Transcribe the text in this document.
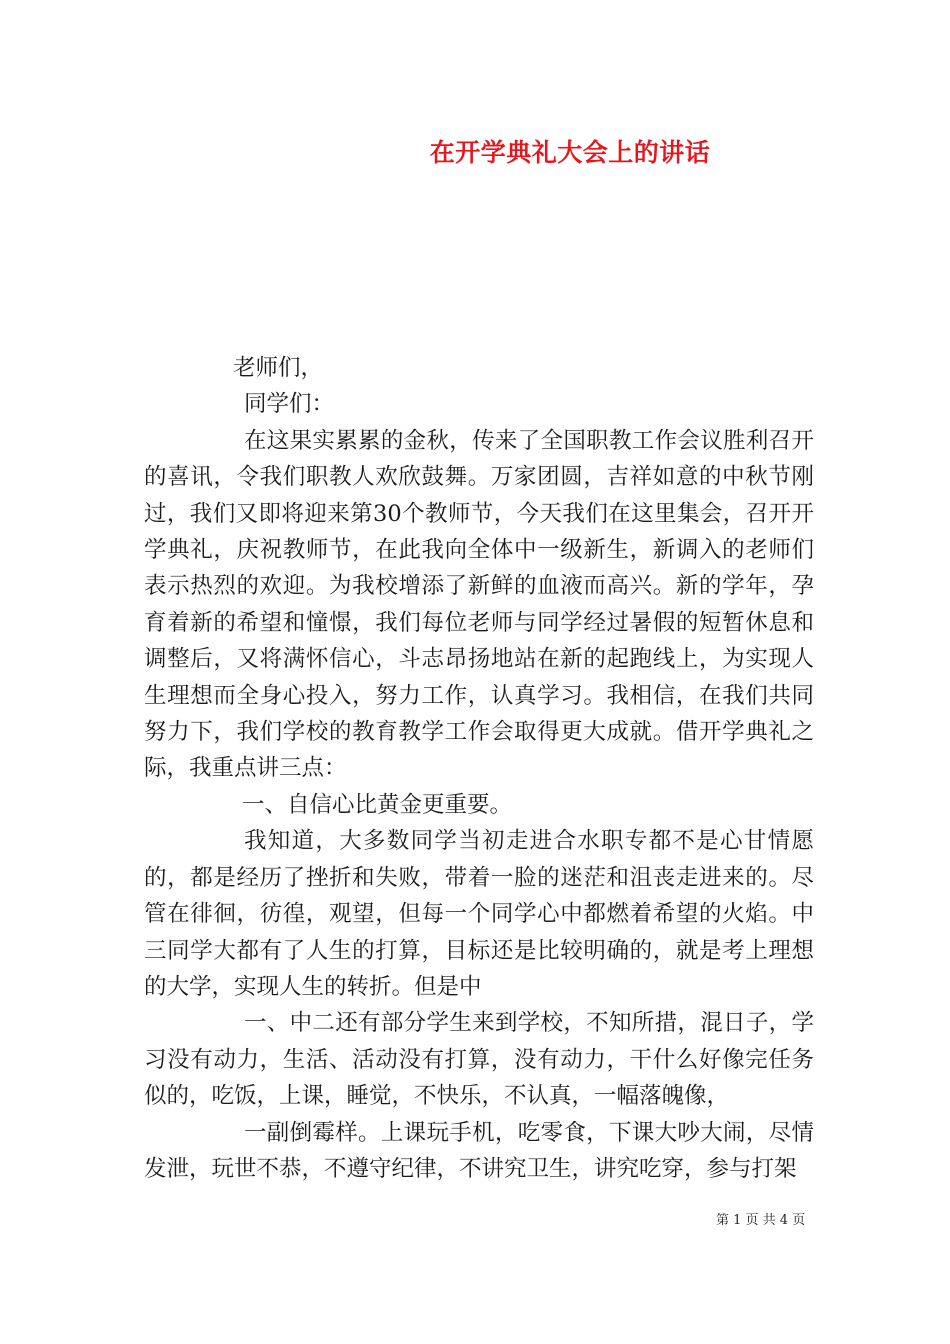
在开学典礼大会上的讲话

老师们，

同学们：

在这果实累累的金秋，传来了全国职教工作会议胜利召开的喜讯，令我们职教人欢欣鼓舞。万家团圆，吉祥如意的中秋节刚过，我们又即将迎来第30个教师节，今天我们在这里集会，召开开学典礼，庆祝教师节，在此我向全体中一级新生，新调入的老师们表示热烈的欢迎。为我校增添了新鲜的血液而高兴。新的学年，孕育着新的希望和憧憬，我们每位老师与同学经过暑假的短暂休息和调整后，又将满怀信心，斗志昂扬地站在新的起跑线上，为实现人生理想而全身心投入，努力工作，认真学习。我相信，在我们共同努力下，我们学校的教育教学工作会取得更大成就。借开学典礼之际，我重点讲三点：

一、自信心比黄金更重要。

我知道，大多数同学当初走进合水职专都不是心甘情愿的，都是经历了挫折和失败，带着一脸的迷茫和沮丧走进来的。尽管在徘徊，彷徨，观望，但每一个同学心中都燃着希望的火焰。中三同学大都有了人生的打算，目标还是比较明确的，就是考上理想的大学，实现人生的转折。但是中

一、中二还有部分学生来到学校，不知所措，混日子，学习没有动力，生活、活动没有打算，没有动力，干什么好像完任务似的，吃饭，上课，睡觉，不快乐，不认真，一幅落魄像，

一副倒霉样。上课玩手机，吃零食，下课大吵大闹，尽情发泄，玩世不恭，不遵守纪律，不讲究卫生，讲究吃穿，参与打架

第 1 页 共 4 页
